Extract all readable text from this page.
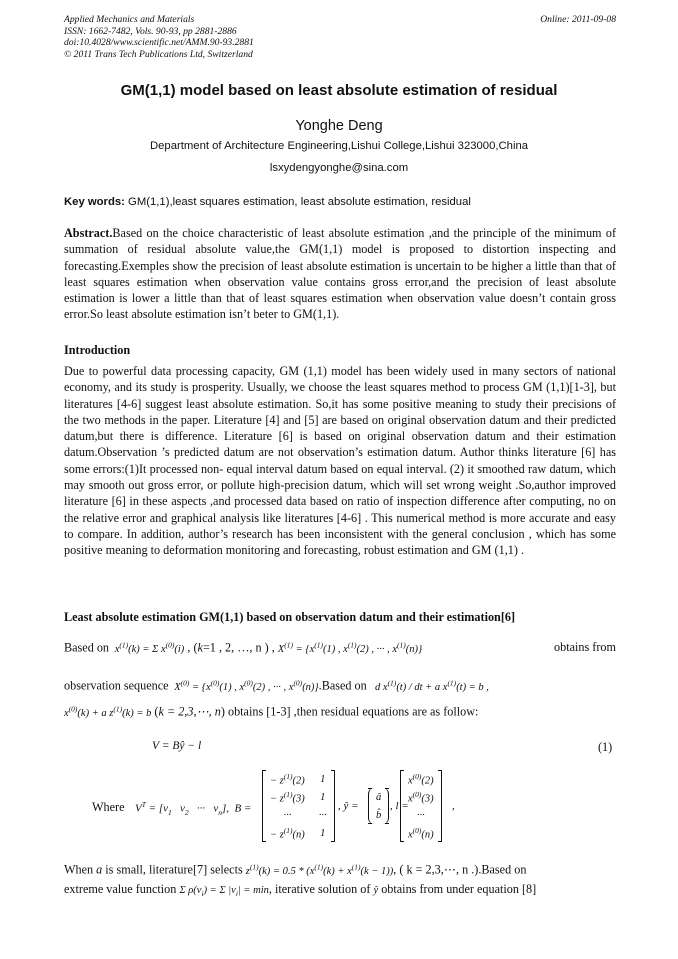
Applied Mechanics and Materials
ISSN: 1662-7482, Vols. 90-93, pp 2881-2886
doi:10.4028/www.scientific.net/AMM.90-93.2881
© 2011 Trans Tech Publications Ltd, Switzerland
Online: 2011-09-08
GM(1,1) model based on least absolute estimation of residual
Yonghe Deng
Department of Architecture Engineering,Lishui College,Lishui 323000,China
lsxydengyonghe@sina.com
Key words: GM(1,1),least squares estimation, least absolute estimation, residual
Abstract.Based on the choice characteristic of least absolute estimation ,and the principle of the minimum of summation of residual absolute value,the GM(1,1) model is proposed to distortion inspecting and forecasting.Exemples show the precision of least absolute estimation is uncertain to be higher a little than that of least squares estimation when observation value contains gross error,and the precision of least absolute estimation is lower a little than that of least squares estimation when observation value doesn’t contain gross error.So least absolute estimation isn’t beter to GM(1,1).
Introduction
Due to powerful data processing capacity, GM (1,1) model has been widely used in many sectors of national economy, and its study is prosperity. Usually, we choose the least squares method to process GM (1,1)[1-3], but literatures [4-6] suggest least absolute estimation. So,it has some positive meaning to study their precisions of the two methods in the paper. Literature [4] and [5] are based on original observation datum and their predicted datum,but there is difference. Literature [6] is based on original observation datum and their estimation datum.Observation ’s predicted datum are not observation’s estimation datum. Author thinks literature [6] has some errors:(1)It processed non- equal interval datum based on equal interval. (2) it smoothed raw datum, which may smooth out gross error, or pollute high-precision datum, which will set wrong weight .So,author improved literature [6] in these aspects ,and processed data based on ratio of inspection difference after computing, no on the relative error and graphical analysis like literatures [4-6] . This numerical method is more accurate and easy to compare. In addition, author’s research has been inconsistent with the general conclusion , which has some positive meaning to deformation monitoring and forecasting, robust estimation and GM (1,1) .
Least absolute estimation GM(1,1) based on observation datum and their estimation[6]
Based on  $x^{(1)}(k) = \Sigma$ $x^{(0)}(i)$ , (k=1 , 2, …, n ) , $X^{(1)} = \{x^{(1)}(1)$ , $x^{(1)}(2)$ , ··· , $x^{(1)}(n)$}	obtains from
observation sequence  $X^{(0)} = \{x^{(0)}(1)$ , $x^{(0)}(2)$ , ··· , $x^{(0)}(n)\}.Based$ on   d $x^{(1)}(t)$ / dt + a $x^{(1)}(t) = b$ ,
$x^{(0)}(k) + a$ $z^{(1)}(k) = b$ (k = 2,3,⋯, n) obtains [1-3] ,then residual equations are as follow:
V = Bŷ − l	(1)
Where $V^T = [v_1$   $v_2$   ···   $v_n$],  B =
− $z^{(1)}(2)$	1
− $z^{(1)}(3)$	1
···	···
− $z^{(1)}(n)$	1
, ŷ =
â
b̂
, l =
$x^{(0)}(2)$
$x^{(0)}(3)$
···
$x^{(0)}(n)$
,
When a is small, literature[7] selects $z^{(1)}(k) = 0.5 * (x^{(1)}(k) + x^{(1)}(k - 1))$, ( k = 2,3,⋯, n .).Based on
extreme value function Σ $\rho(v_i) = \Sigma$ $|v_i| = \min$, iterative solution of ŷ obtains from under equation [8]
